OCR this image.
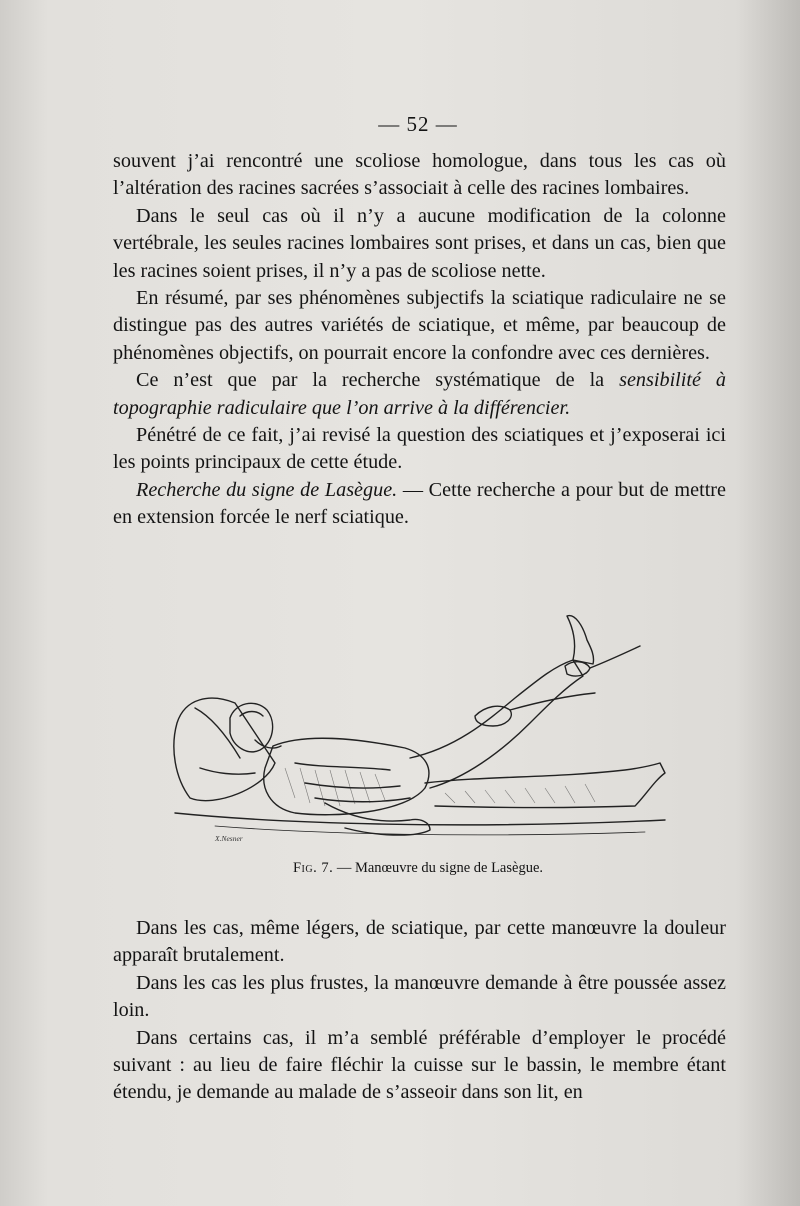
— 52 —

souvent j’ai rencontré une scoliose homologue, dans tous les cas où l’altération des racines sacrées s’associait à celle des racines lombaires.

Dans le seul cas où il n’y a aucune modification de la colonne vertébrale, les seules racines lombaires sont prises, et dans un cas, bien que les racines soient prises, il n’y a pas de scoliose nette.

En résumé, par ses phénomènes subjectifs la sciatique radiculaire ne se distingue pas des autres variétés de sciatique, et même, par beaucoup de phénomènes objectifs, on pourrait encore la confondre avec ces dernières.

Ce n’est que par la recherche systématique de la sensibilité à topographie radiculaire que l’on arrive à la différencier.

Pénétré de ce fait, j’ai revisé la question des sciatiques et j’exposerai ici les points principaux de cette étude.

Recherche du signe de Lasègue. — Cette recherche a pour but de mettre en extension forcée le nerf sciatique.

X.Nesner
Fig. 7. — Manœuvre du signe de Lasègue.

Dans les cas, même légers, de sciatique, par cette manœuvre la douleur apparaît brutalement.

Dans les cas les plus frustes, la manœuvre demande à être poussée assez loin.

Dans certains cas, il m’a semblé préférable d’employer le procédé suivant : au lieu de faire fléchir la cuisse sur le bassin, le membre étant étendu, je demande au malade de s’asseoir dans son lit, en
